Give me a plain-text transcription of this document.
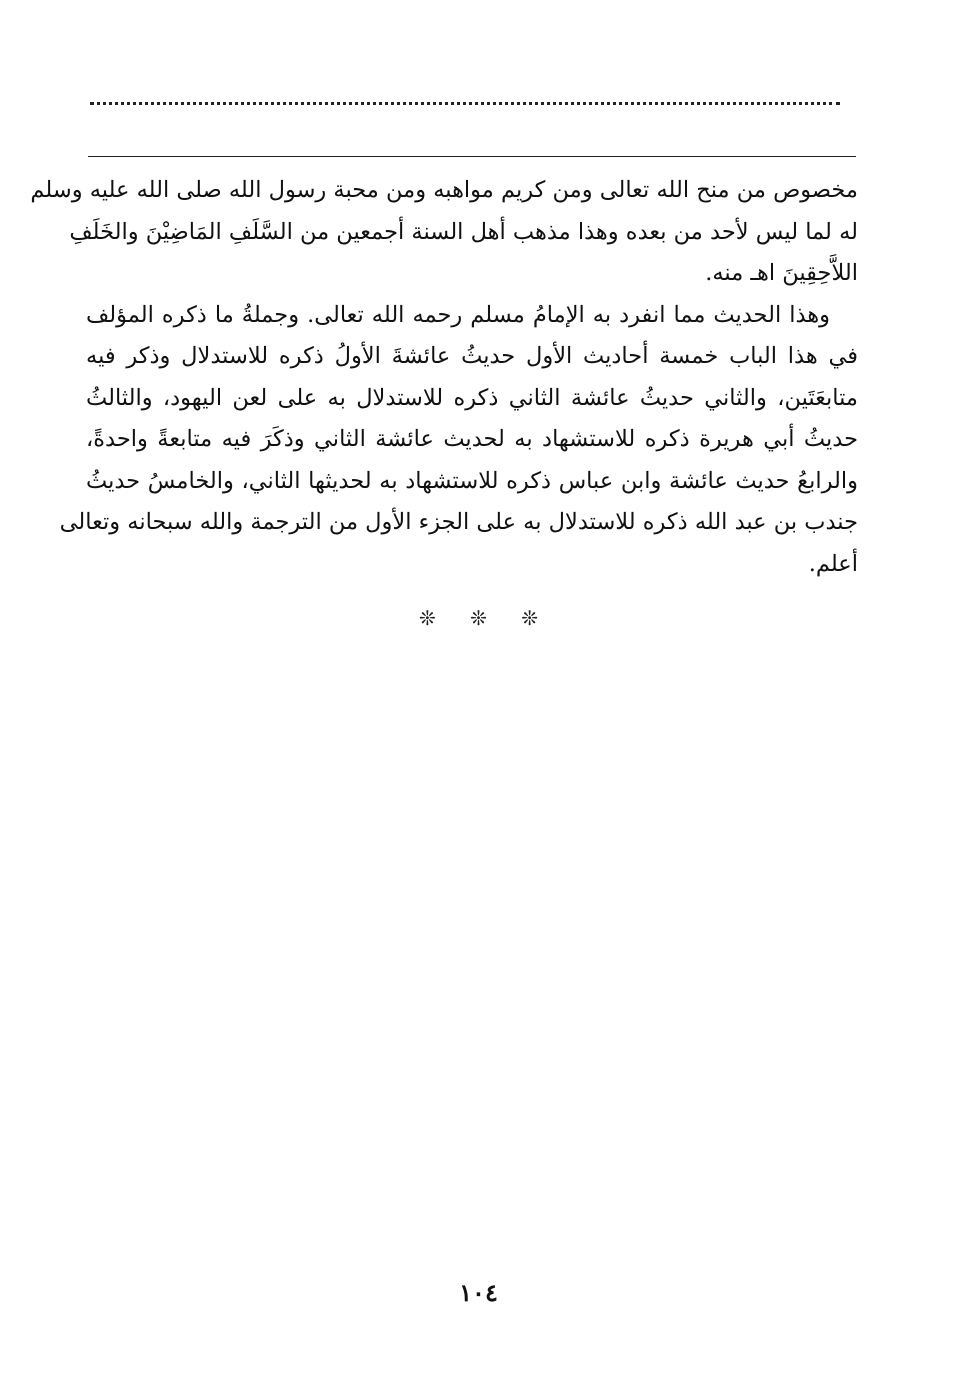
مخصوص من منح الله تعالى ومن كريم مواهبه ومن محبة رسول الله صلى الله عليه وسلم
له لما ليس لأحد من بعده وهذا مذهب أهل السنة أجمعين من السَّلَفِ المَاضِيْنَ والخَلَفِ
اللاَّحِقِينَ اهـ منه.
وهذا الحديث مما انفرد به الإمامُ مسلم رحمه الله تعالى. وجملةُ ما ذكره المؤلف
في هذا الباب خمسة أحاديث الأول حديثُ عائشةَ الأولُ ذكره للاستدلال وذكر فيه
متابعَتَين، والثاني حديثُ عائشة الثاني ذكره للاستدلال به على لعن اليهود، والثالثُ
حديثُ أبي هريرة ذكره للاستشهاد به لحديث عائشة الثاني وذكَرَ فيه متابعةً واحدةً،
والرابعُ حديث عائشة وابن عباس ذكره للاستشهاد به لحديثها الثاني، والخامسُ حديثُ
جندب بن عبد الله ذكره للاستدلال به على الجزء الأول من الترجمة والله سبحانه وتعالى
أعلم.
❊ ❊ ❊
١٠٤
